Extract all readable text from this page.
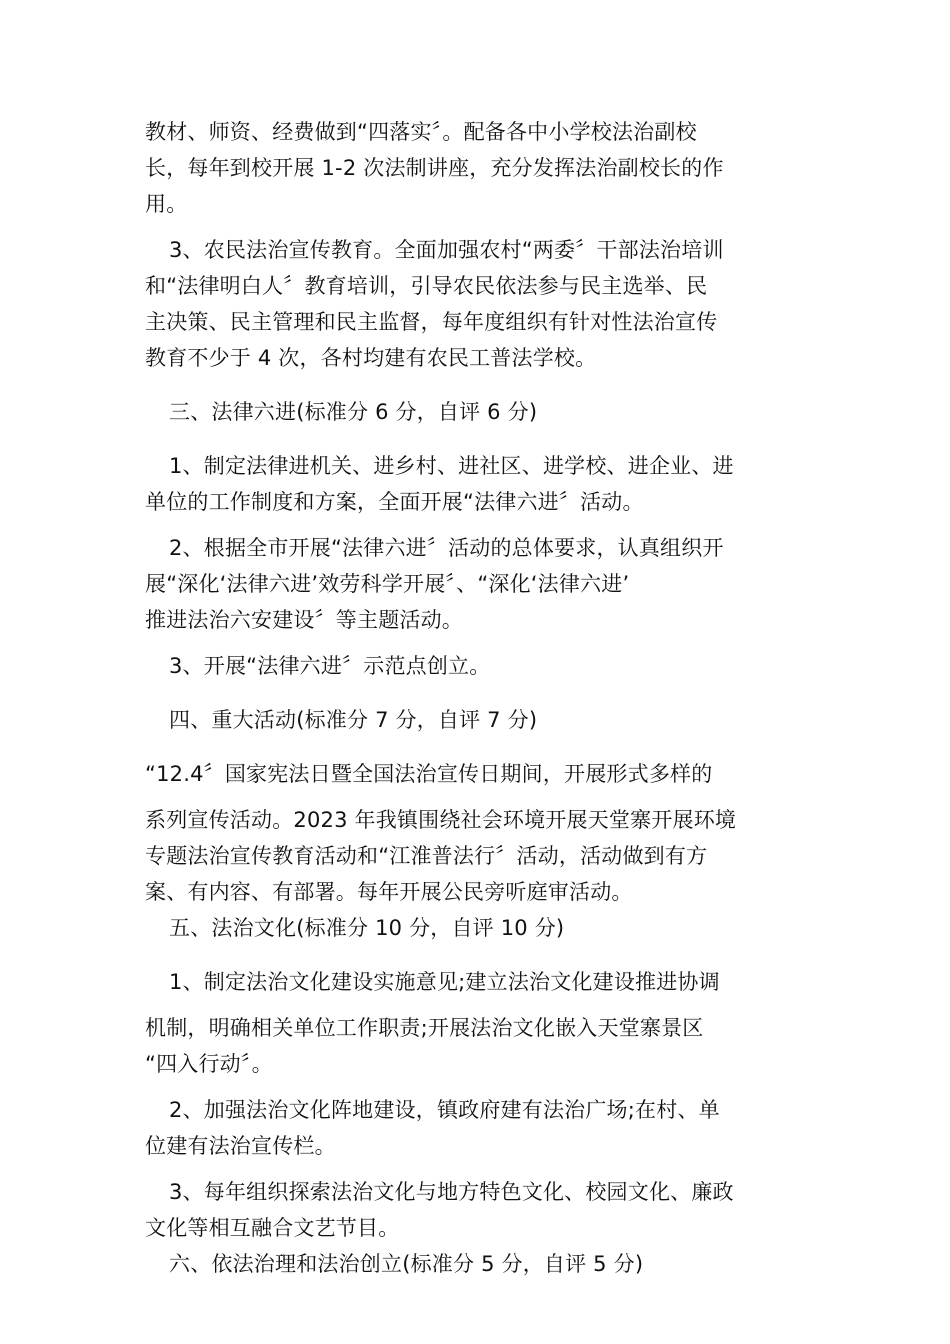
教材、师资、经费做到“四落实〞。配备各中小学校法治副校
长，每年到校开展 1-2 次法制讲座，充分发挥法治副校长的作
用。
3、农民法治宣传教育。全面加强农村“两委〞干部法治培训
和“法律明白人〞教育培训，引导农民依法参与民主选举、民
主决策、民主管理和民主监督，每年度组织有针对性法治宣传
教育不少于 4 次，各村均建有农民工普法学校。
三、法律六进(标准分 6 分，自评 6 分)
1、制定法律进机关、进乡村、进社区、进学校、进企业、进
单位的工作制度和方案，全面开展“法律六进〞活动。
2、根据全市开展“法律六进〞活动的总体要求，认真组织开
展“深化‘法律六进’效劳科学开展〞、“深化‘法律六进’
推进法治六安建设〞等主题活动。
3、开展“法律六进〞示范点创立。
四、重大活动(标准分 7 分，自评 7 分)
“12.4〞国家宪法日暨全国法治宣传日期间，开展形式多样的
系列宣传活动。2023 年我镇围绕社会环境开展天堂寨开展环境
专题法治宣传教育活动和“江淮普法行〞活动，活动做到有方
案、有内容、有部署。每年开展公民旁听庭审活动。
五、法治文化(标准分 10 分，自评 10 分)
1、制定法治文化建设实施意见;建立法治文化建设推进协调
机制，明确相关单位工作职责;开展法治文化嵌入天堂寨景区
“四入行动〞。
2、加强法治文化阵地建设，镇政府建有法治广场;在村、单
位建有法治宣传栏。
3、每年组织探索法治文化与地方特色文化、校园文化、廉政
文化等相互融合文艺节目。
六、依法治理和法治创立(标准分 5 分，自评 5 分)
